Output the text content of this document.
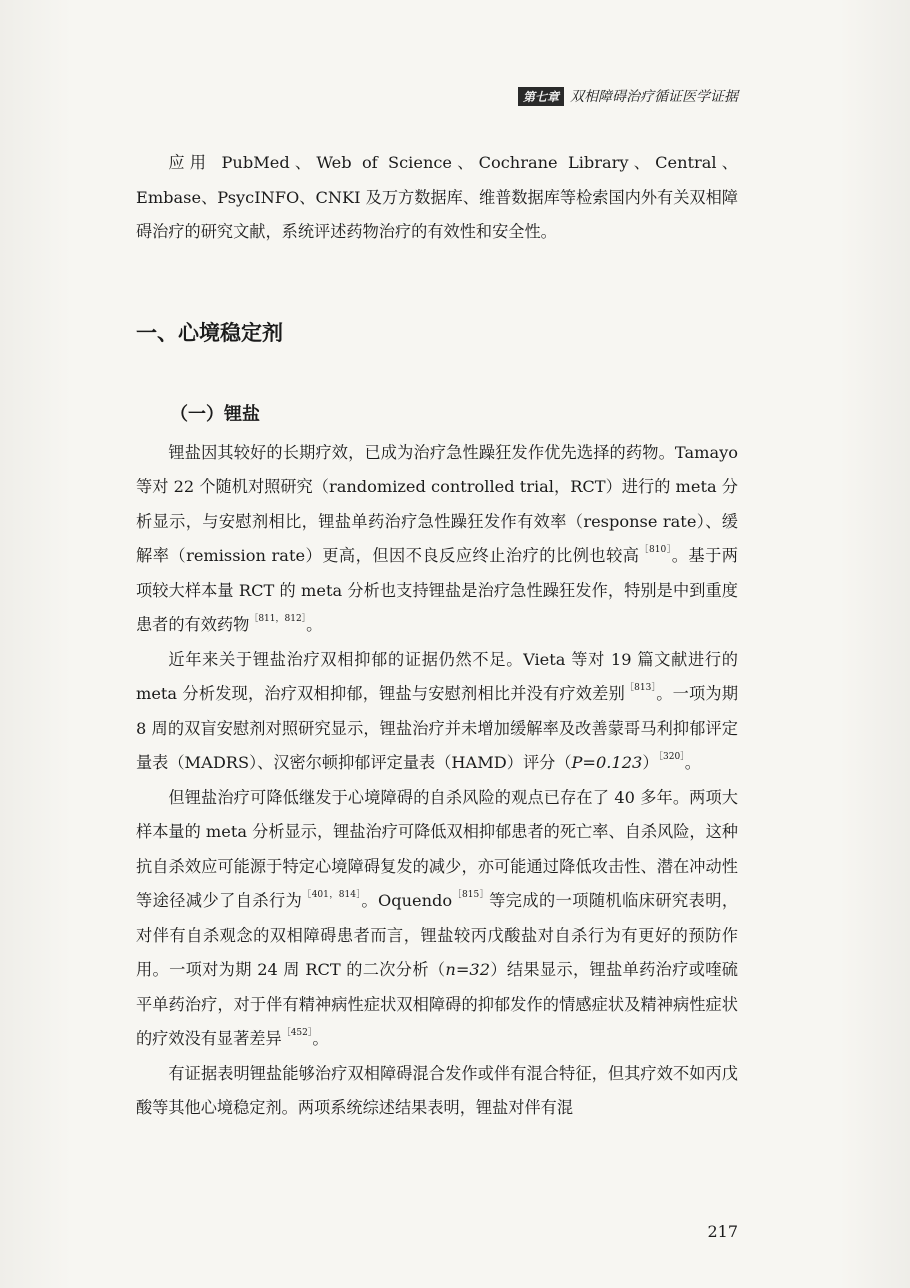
第七章 双相障碍治疗循证医学证据

应用 PubMed、Web of Science、Cochrane Library、Central、Embase、PsycINFO、CNKI 及万方数据库、维普数据库等检索国内外有关双相障碍治疗的研究文献，系统评述药物治疗的有效性和安全性。

一、心境稳定剂
（一）锂盐

锂盐因其较好的长期疗效，已成为治疗急性躁狂发作优先选择的药物。Tamayo 等对 22 个随机对照研究（randomized controlled trial，RCT）进行的 meta 分析显示，与安慰剂相比，锂盐单药治疗急性躁狂发作有效率（response rate）、缓解率（remission rate）更高，但因不良反应终止治疗的比例也较高$^{[810]}$。基于两项较大样本量 RCT 的 meta 分析也支持锂盐是治疗急性躁狂发作，特别是中到重度患者的有效药物$^{[811,812]}$。

近年来关于锂盐治疗双相抑郁的证据仍然不足。Vieta 等对 19 篇文献进行的 meta 分析发现，治疗双相抑郁，锂盐与安慰剂相比并没有疗效差别$^{[813]}$。一项为期 8 周的双盲安慰剂对照研究显示，锂盐治疗并未增加缓解率及改善蒙哥马利抑郁评定量表（MADRS）、汉密尔顿抑郁评定量表（HAMD）评分（P=0.123）$^{[320]}$。

但锂盐治疗可降低继发于心境障碍的自杀风险的观点已存在了 40 多年。两项大样本量的 meta 分析显示，锂盐治疗可降低双相抑郁患者的死亡率、自杀风险，这种抗自杀效应可能源于特定心境障碍复发的减少，亦可能通过降低攻击性、潜在冲动性等途径减少了自杀行为$^{[401,814]}$。Oquendo$^{[815]}$等完成的一项随机临床研究表明，对伴有自杀观念的双相障碍患者而言，锂盐较丙戊酸盐对自杀行为有更好的预防作用。一项对为期 24 周 RCT 的二次分析（n=32）结果显示，锂盐单药治疗或喹硫平单药治疗，对于伴有精神病性症状双相障碍的抑郁发作的情感症状及精神病性症状的疗效没有显著差异$^{[452]}$。

有证据表明锂盐能够治疗双相障碍混合发作或伴有混合特征，但其疗效不如丙戊酸等其他心境稳定剂。两项系统综述结果表明，锂盐对伴有混

217
